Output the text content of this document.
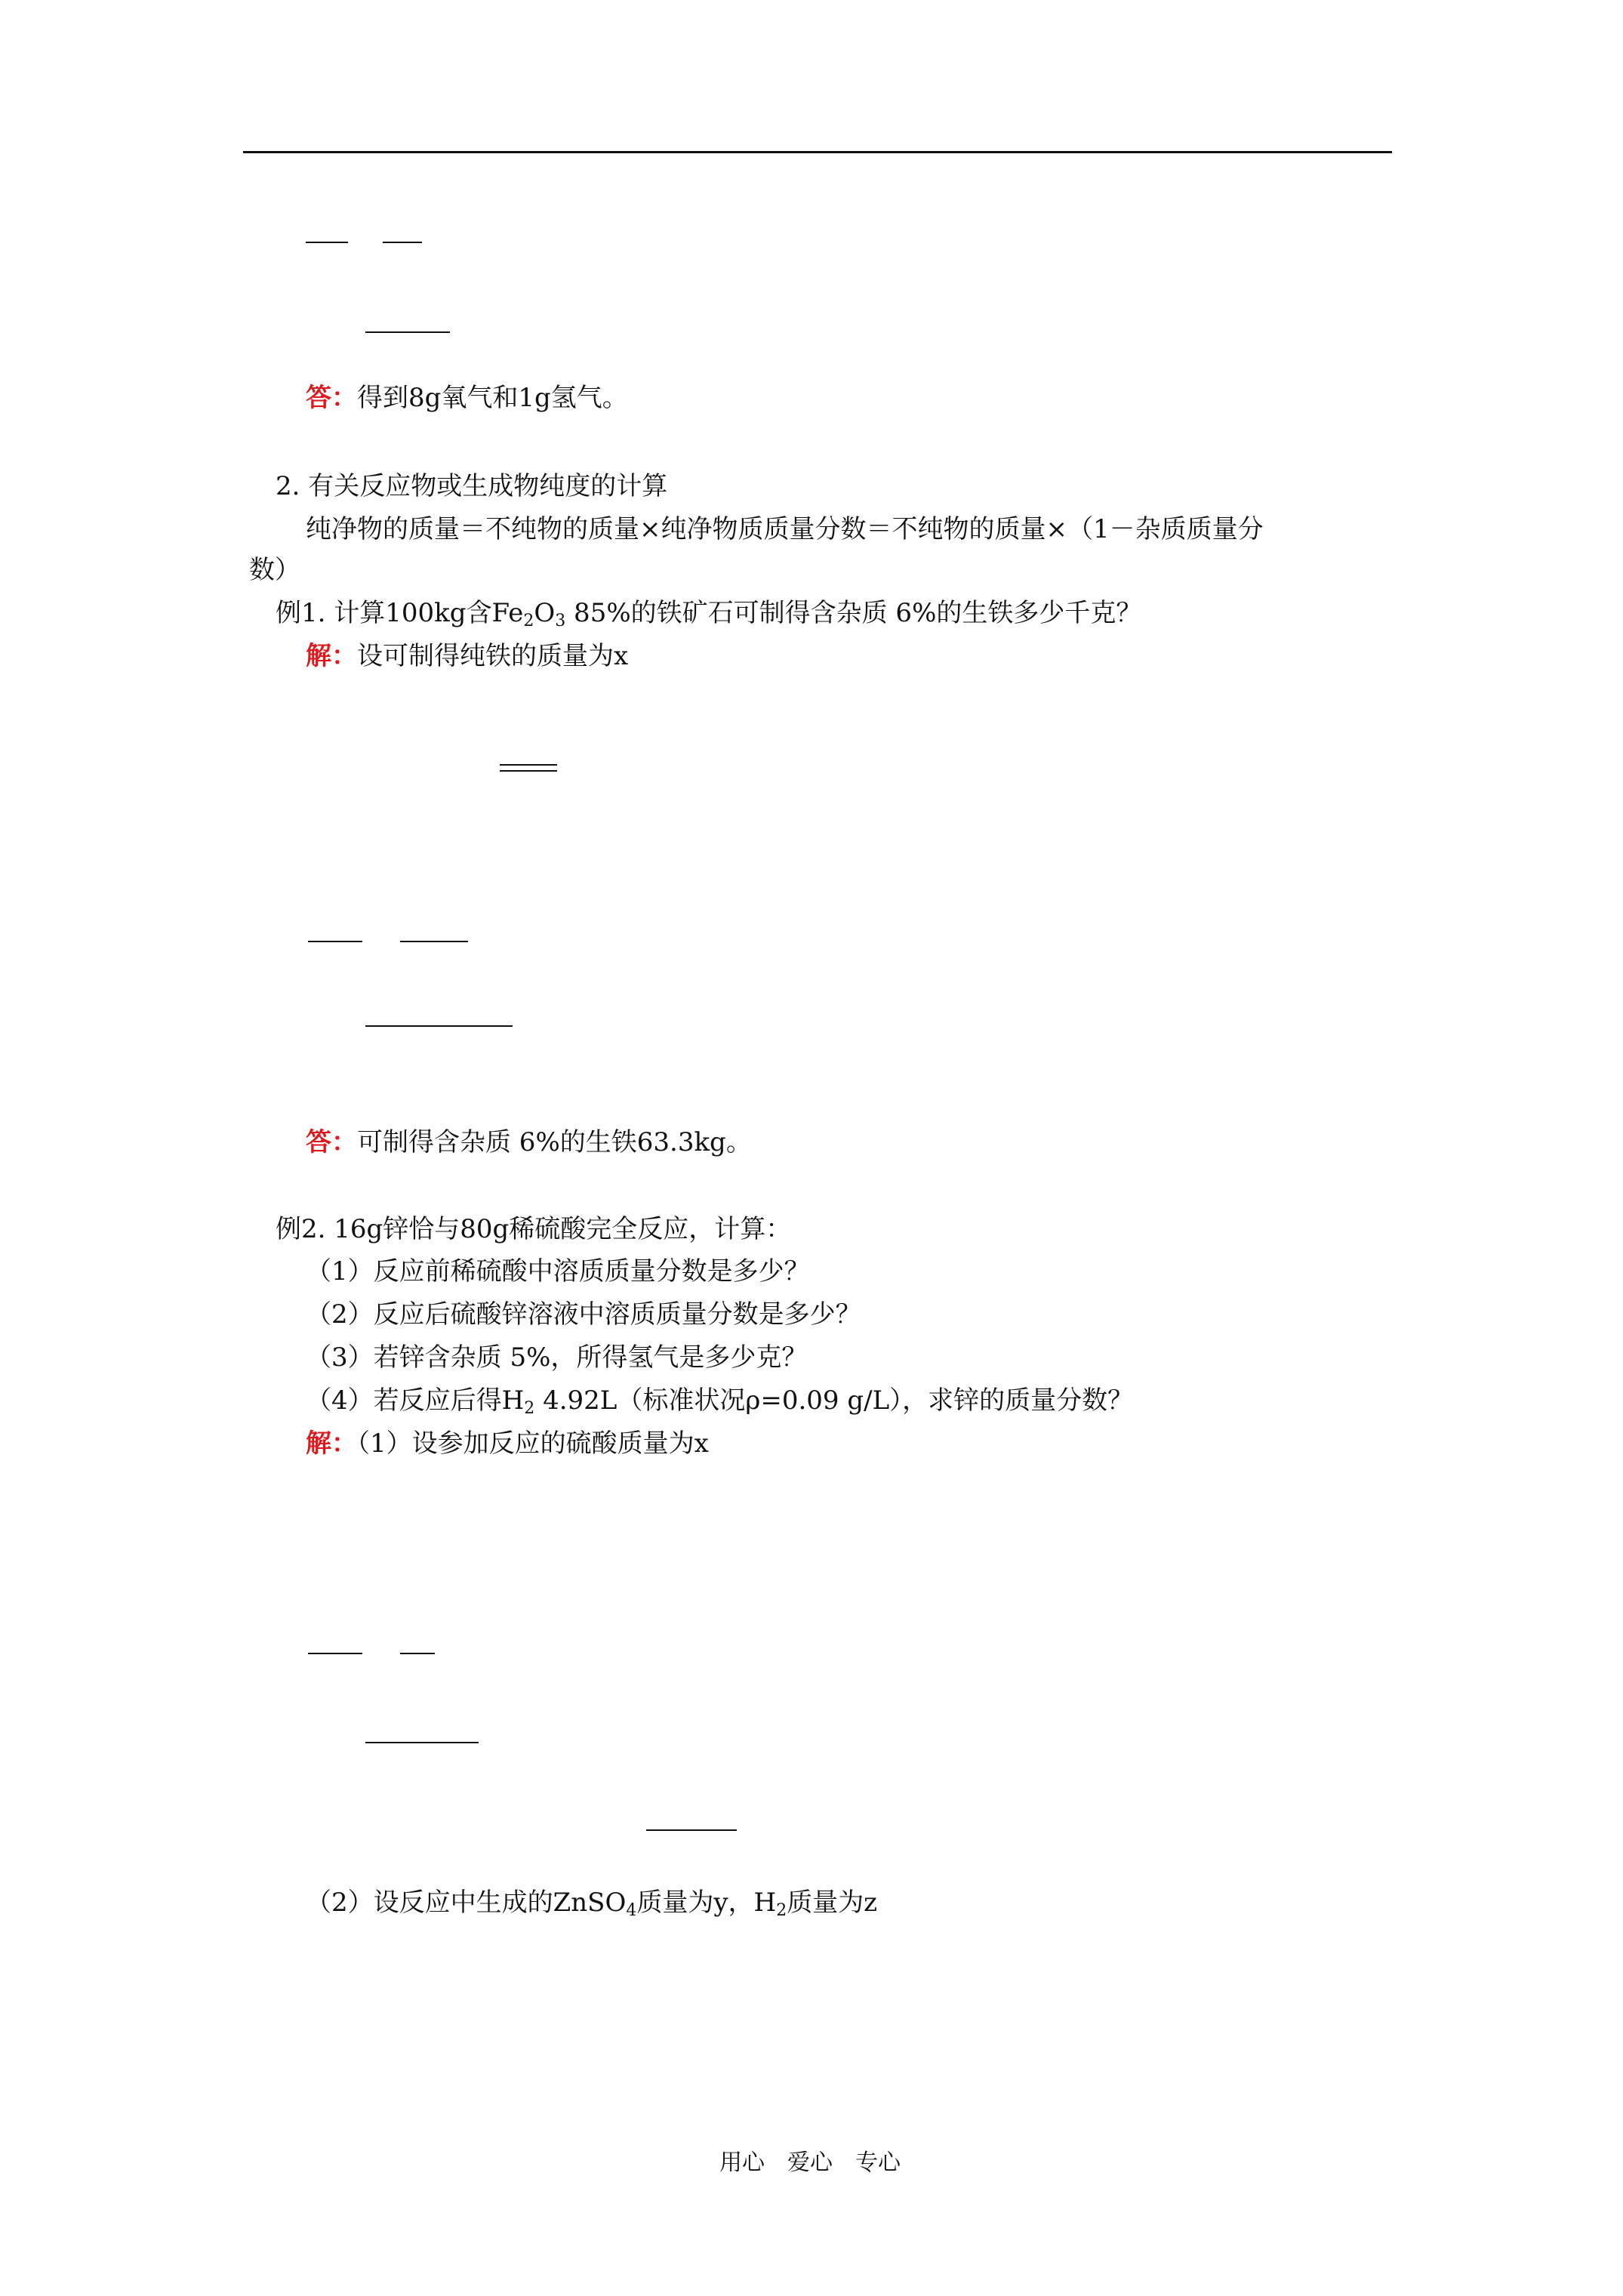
答：得到8g氧气和1g氢气。
2. 有关反应物或生成物纯度的计算
纯净物的质量＝不纯物的质量×纯净物质质量分数＝不纯物的质量×（1－杂质质量分
数）
例1. 计算100kg含$Fe_2O_3$ 85%的铁矿石可制得含杂质 6%的生铁多少千克？
解：设可制得纯铁的质量为x
答：可制得含杂质 6%的生铁63.3kg。
例2. 16g锌恰与80g稀硫酸完全反应，计算：
（1）反应前稀硫酸中溶质质量分数是多少？
（2）反应后硫酸锌溶液中溶质质量分数是多少？
（3）若锌含杂质 5%，所得氢气是多少克？
（4）若反应后得$H_2$ 4.92L（标准状况ρ=0.09 g/L），求锌的质量分数？
解：（1）设参加反应的硫酸质量为x
（2）设反应中生成的ZnSO$_4$质量为y，$H_2$质量为z
用心　爱心　专心
